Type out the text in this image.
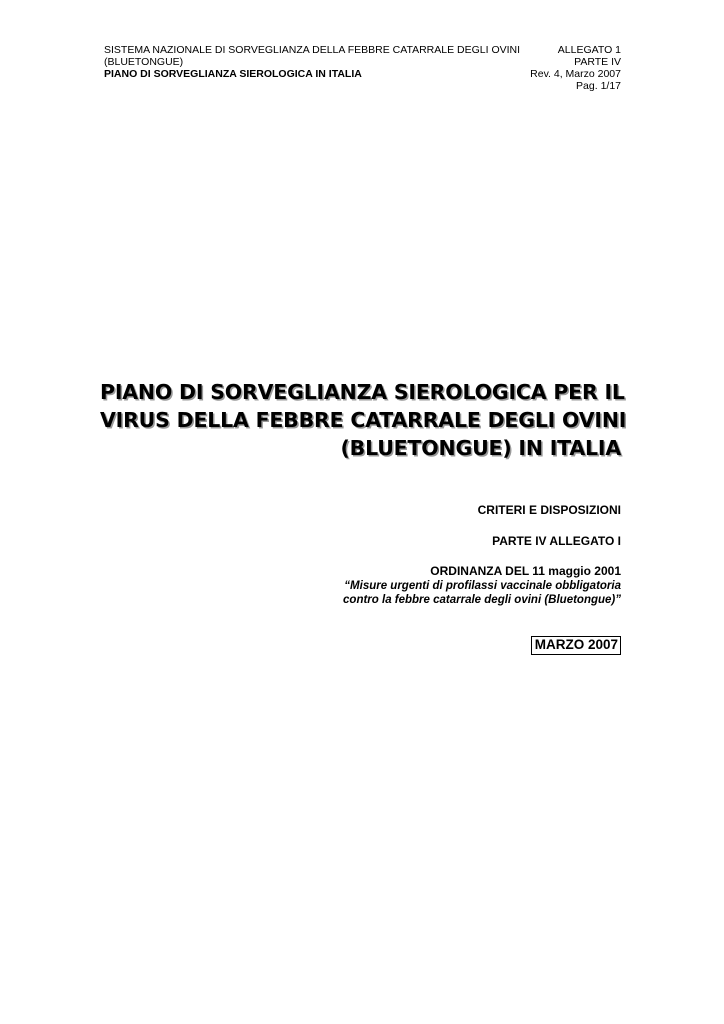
SISTEMA NAZIONALE DI SORVEGLIANZA DELLA FEBBRE CATARRALE DEGLI OVINI
(BLUETONGUE)
PIANO DI SORVEGLIANZA SIEROLOGICA IN ITALIA
ALLEGATO 1
PARTE IV
Rev. 4, Marzo 2007
Pag. 1/17
PIANO DI SORVEGLIANZA SIEROLOGICA PER IL
VIRUS DELLA FEBBRE CATARRALE DEGLI OVINI
(BLUETONGUE) IN ITALIA
CRITERI E DISPOSIZIONI
PARTE IV ALLEGATO I
ORDINANZA DEL 11 maggio 2001
“Misure urgenti di profilassi vaccinale obbligatoria
contro la febbre catarrale degli ovini (Bluetongue)”
MARZO 2007
